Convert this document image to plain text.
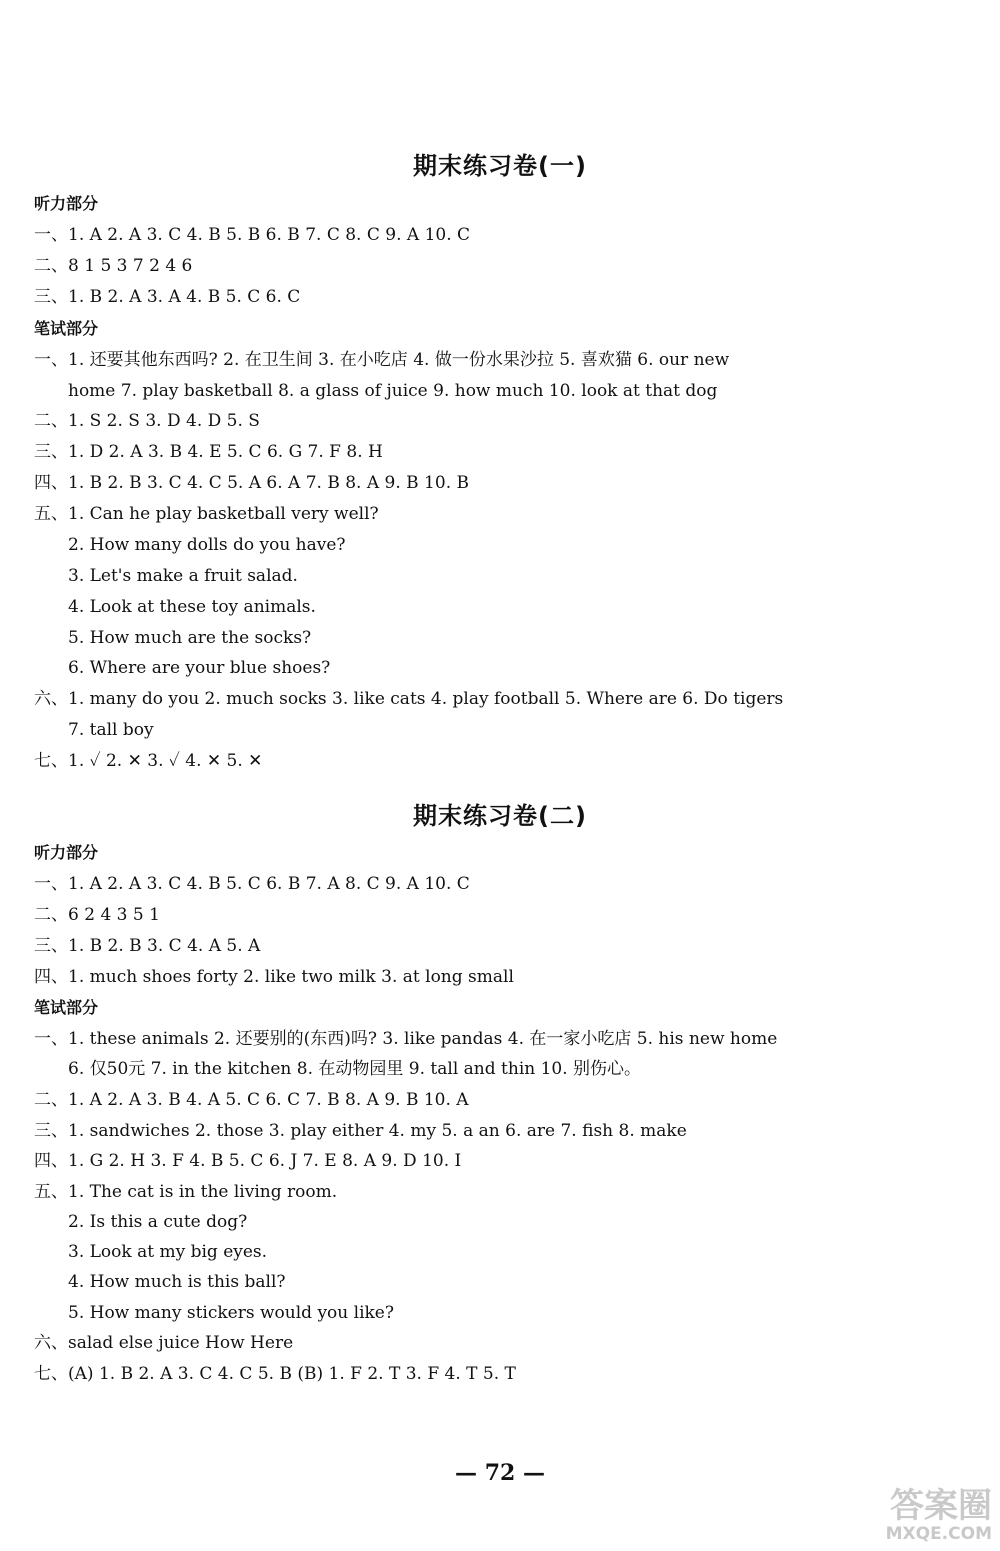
期末练习卷(一)
听力部分
一、1. A 2. A 3. C 4. B 5. B 6. B 7. C 8. C 9. A 10. C
二、8 1 5 3 7 2 4 6
三、1. B 2. A 3. A 4. B 5. C 6. C
笔试部分
一、1. 还要其他东西吗? 2. 在卫生间 3. 在小吃店 4. 做一份水果沙拉 5. 喜欢猫 6. our new
home 7. play basketball 8. a glass of juice 9. how much 10. look at that dog
二、1. S 2. S 3. D 4. D 5. S
三、1. D 2. A 3. B 4. E 5. C 6. G 7. F 8. H
四、1. B 2. B 3. C 4. C 5. A 6. A 7. B 8. A 9. B 10. B
五、1. Can he play basketball very well?
2. How many dolls do you have?
3. Let's make a fruit salad.
4. Look at these toy animals.
5. How much are the socks?
6. Where are your blue shoes?
六、1. many do you 2. much socks 3. like cats 4. play football 5. Where are 6. Do tigers
7. tall boy
七、1. ✓ 2. ✕ 3. ✓ 4. ✕ 5. ✕
期末练习卷(二)
听力部分
一、1. A 2. A 3. C 4. B 5. C 6. B 7. A 8. C 9. A 10. C
二、6 2 4 3 5 1
三、1. B 2. B 3. C 4. A 5. A
四、1. much shoes forty 2. like two milk 3. at long small
笔试部分
一、1. these animals 2. 还要别的(东西)吗? 3. like pandas 4. 在一家小吃店 5. his new home
6. 仅50元 7. in the kitchen 8. 在动物园里 9. tall and thin 10. 别伤心。
二、1. A 2. A 3. B 4. A 5. C 6. C 7. B 8. A 9. B 10. A
三、1. sandwiches 2. those 3. play either 4. my 5. a an 6. are 7. fish 8. make
四、1. G 2. H 3. F 4. B 5. C 6. J 7. E 8. A 9. D 10. I
五、1. The cat is in the living room.
2. Is this a cute dog?
3. Look at my big eyes.
4. How much is this ball?
5. How many stickers would you like?
六、salad else juice How Here
七、(A) 1. B 2. A 3. C 4. C 5. B (B) 1. F 2. T 3. F 4. T 5. T
— 72 —
答案圈
MXQE.COM
